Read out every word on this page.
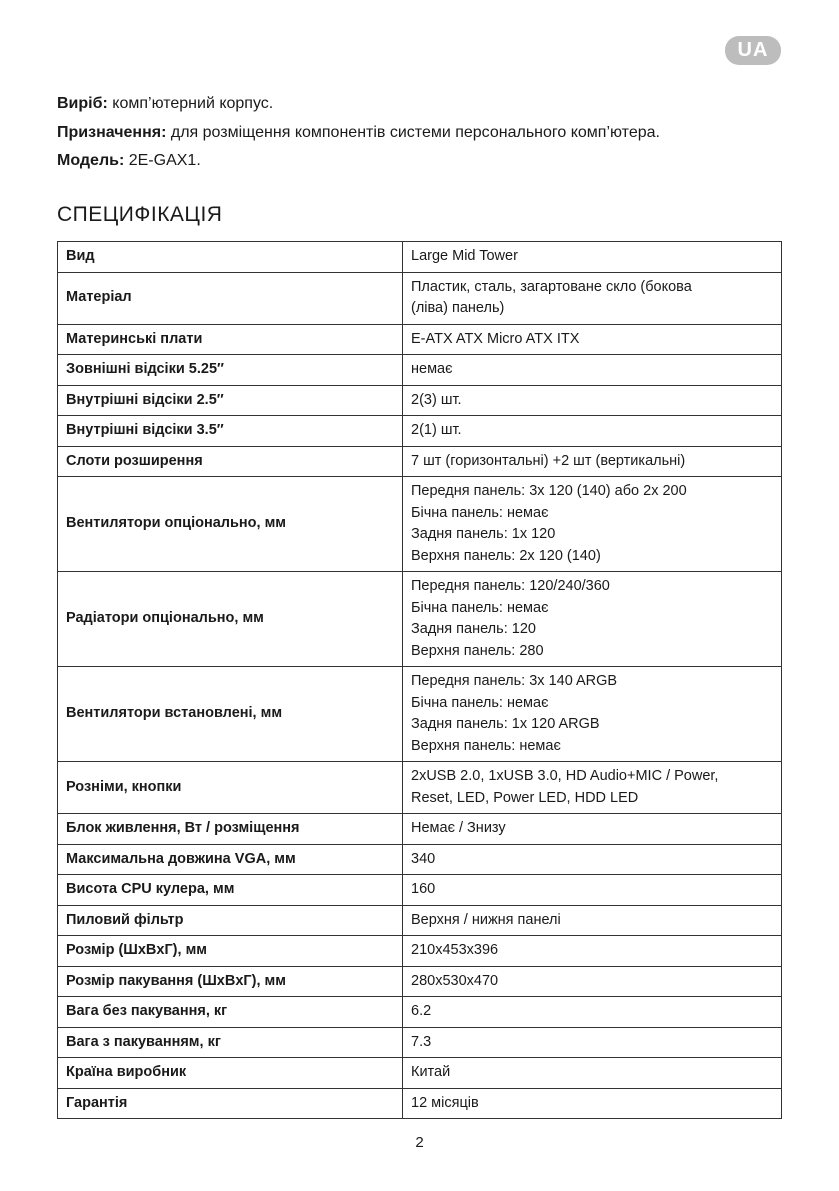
UA

Виріб: комп’ютерний корпус.

Призначення: для розміщення компонентів системи персонального комп’ютера.

Модель: 2E-GAX1.

СПЕЦИФІКАЦІЯ
Вид	Large Mid Tower

Матеріал	Пластик, сталь, загартоване скло (бокова
(ліва) панель)

Материнські плати	E-ATX ATX Micro ATX ITX

Зовнішні відсіки 5.25″	немає

Внутрішні відсіки 2.5″	2(3) шт.

Внутрішні відсіки 3.5″	2(1) шт.

Слоти розширення	7 шт (горизонтальні) +2 шт (вертикальні)

Вентилятори опціонально, мм	Передня панель: 3x 120 (140) або 2x 200
Бічна панель: немає
Задня панель: 1x 120
Верхня панель: 2x 120 (140)

Радіатори опціонально, мм	Передня панель: 120/240/360
Бічна панель: немає
Задня панель: 120
Верхня панель: 280

Вентилятори встановлені, мм	Передня панель: 3x 140 ARGB
Бічна панель: немає
Задня панель: 1x 120 ARGB
Верхня панель: немає

Розніми, кнопки	2xUSB 2.0, 1xUSB 3.0, HD Audio+MIC / Power,
Reset, LED, Power LED, HDD LED

Блок живлення, Вт / розміщення	Немає / Знизу

Максимальна довжина VGA, мм	340

Висота CPU кулера, мм	160

Пиловий фільтр	Верхня / нижня панелі

Розмір (ШxВxГ), мм	210x453x396

Розмір пакування (ШxВxГ), мм	280x530x470

Вага без пакування, кг	6.2

Вага з пакуванням, кг	7.3

Країна виробник	Китай

Гарантія	12 місяців
2
